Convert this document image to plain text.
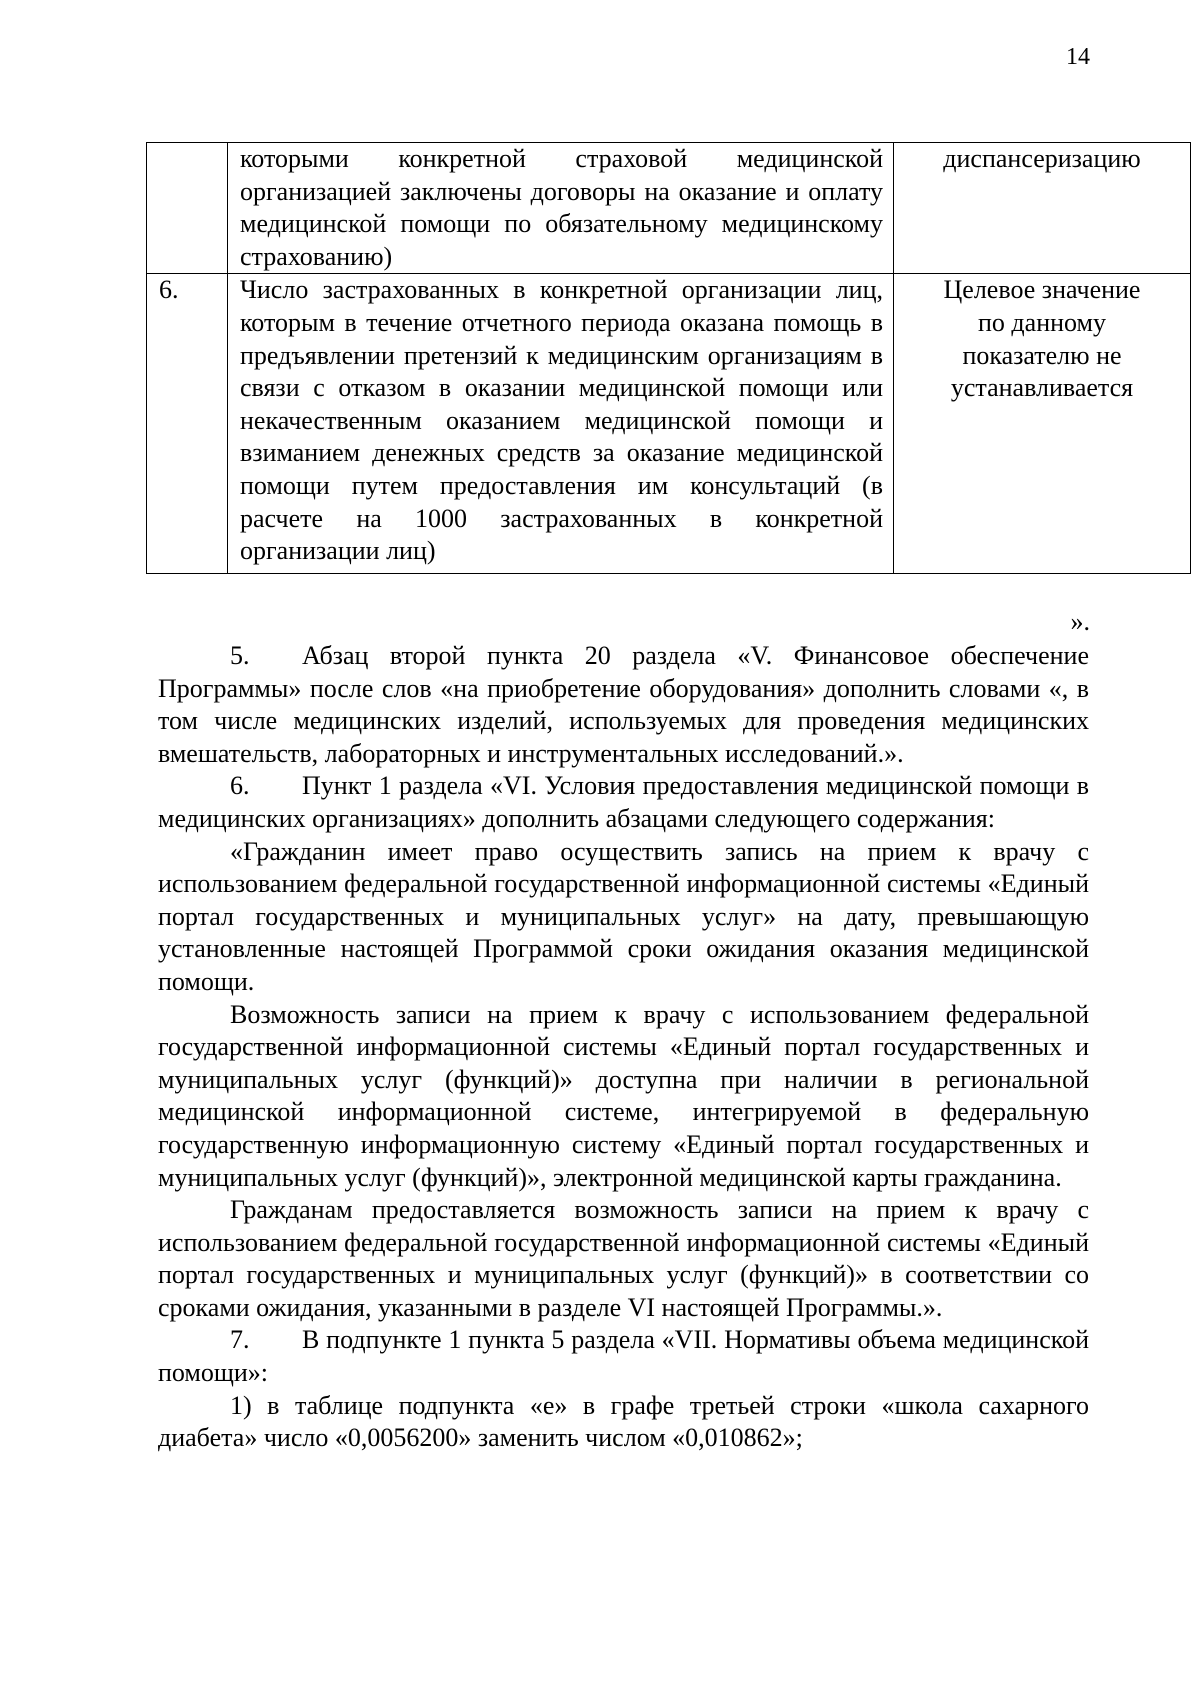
14
	которыми конкретной страховой медицинской организацией заключены договоры на оказание и оплату медицинской помощи по обязательному медицинскому страхованию)	диспансеризацию

6.	Число застрахованных в конкретной организации лиц, которым в течение отчетного периода оказана помощь в предъявлении претензий к медицинским организациям в связи с отказом в оказании медицинской помощи или некачественным оказанием медицинской помощи и взиманием денежных средств за оказание медицинской помощи путем предоставления им консультаций (в расчете на 1000 застрахованных в конкретной организации лиц)	Целевое значение по данному показателю не устанавливается
».

5. Абзац второй пункта 20 раздела «V. Финансовое обеспечение Программы» после слов «на приобретение оборудования» дополнить словами «, в том числе медицинских изделий, используемых для проведения медицинских вмешательств, лабораторных и инструментальных исследований.».

6. Пункт 1 раздела «VI. Условия предоставления медицинской помощи в медицинских организациях» дополнить абзацами следующего содержания:

«Гражданин имеет право осуществить запись на прием к врачу с использованием федеральной государственной информационной системы «Единый портал государственных и муниципальных услуг» на дату, превышающую установленные настоящей Программой сроки ожидания оказания медицинской помощи.

Возможность записи на прием к врачу с использованием федеральной государственной информационной системы «Единый портал государственных и муниципальных услуг (функций)» доступна при наличии в региональной медицинской информационной системе, интегрируемой в федеральную государственную информационную систему «Единый портал государственных и муниципальных услуг (функций)», электронной медицинской карты гражданина.

Гражданам предоставляется возможность записи на прием к врачу с использованием федеральной государственной информационной системы «Единый портал государственных и муниципальных услуг (функций)» в соответствии со сроками ожидания, указанными в разделе VI настоящей Программы.».

7. В подпункте 1 пункта 5 раздела «VII. Нормативы объема медицинской помощи»:

1) в таблице подпункта «е» в графе третьей строки «школа сахарного диабета» число «0,0056200» заменить числом «0,010862»;
